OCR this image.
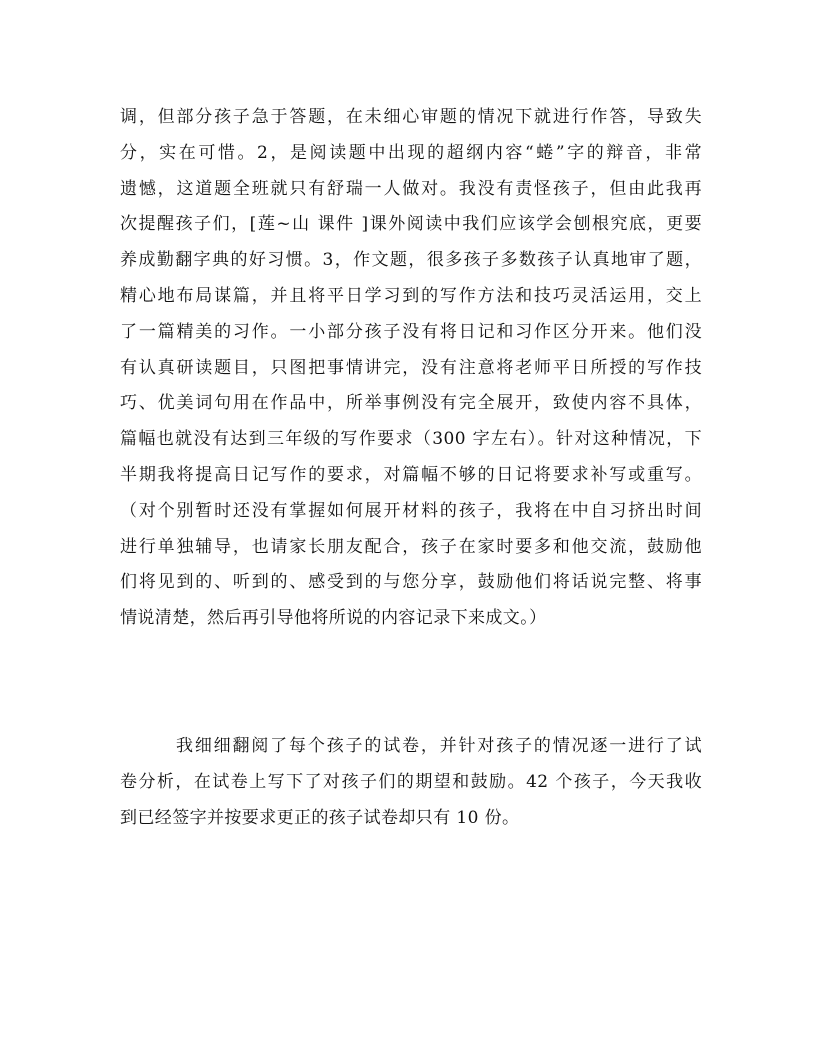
调，但部分孩子急于答题，在未细心审题的情况下就进行作答，导致失
分，实在可惜。2，是阅读题中出现的超纲内容“蜷”字的辩音，非常
遗憾，这道题全班就只有舒瑞一人做对。我没有责怪孩子，但由此我再
次提醒孩子们，[莲~山 课件 ]课外阅读中我们应该学会刨根究底，更要
养成勤翻字典的好习惯。3，作文题，很多孩子多数孩子认真地审了题，
精心地布局谋篇，并且将平日学习到的写作方法和技巧灵活运用，交上
了一篇精美的习作。一小部分孩子没有将日记和习作区分开来。他们没
有认真研读题目，只图把事情讲完，没有注意将老师平日所授的写作技
巧、优美词句用在作品中，所举事例没有完全展开，致使内容不具体，
篇幅也就没有达到三年级的写作要求（300 字左右）。针对这种情况，下
半期我将提高日记写作的要求，对篇幅不够的日记将要求补写或重写。
（对个别暂时还没有掌握如何展开材料的孩子，我将在中自习挤出时间
进行单独辅导，也请家长朋友配合，孩子在家时要多和他交流，鼓励他
们将见到的、听到的、感受到的与您分享，鼓励他们将话说完整、将事
情说清楚，然后再引导他将所说的内容记录下来成文。）
我细细翻阅了每个孩子的试卷，并针对孩子的情况逐一进行了试
卷分析，在试卷上写下了对孩子们的期望和鼓励。42 个孩子，今天我收
到已经签字并按要求更正的孩子试卷却只有 10 份。
